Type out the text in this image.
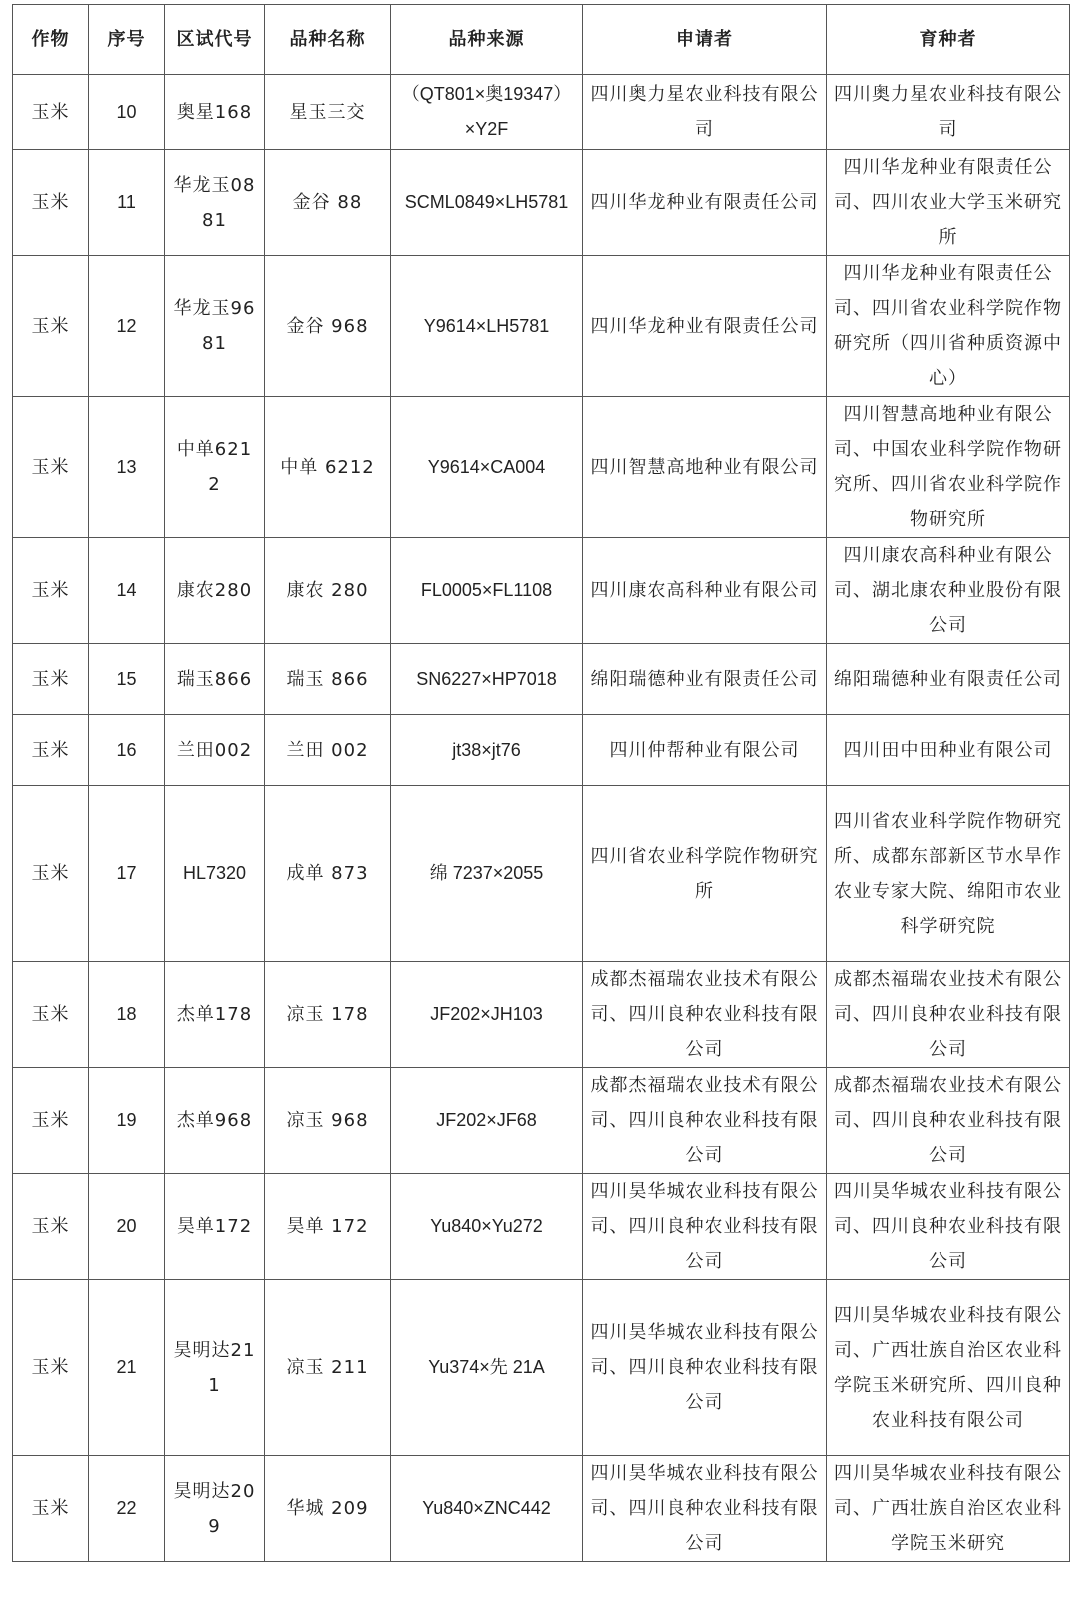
作物	序号	区试代号	品种名称	品种来源	申请者	育种者
玉米	10	奥星168	星玉三交	（QT801×奥19347）×Y2F	四川奥力星农业科技有限公司	四川奥力星农业科技有限公司
玉米	11	华龙玉0881	金谷 88	SCML0849×LH5781	四川华龙种业有限责任公司	四川华龙种业有限责任公司、四川农业大学玉米研究所
玉米	12	华龙玉9681	金谷 968	Y9614×LH5781	四川华龙种业有限责任公司	四川华龙种业有限责任公司、四川省农业科学院作物研究所（四川省种质资源中心）
玉米	13	中单6212	中单 6212	Y9614×CA004	四川智慧高地种业有限公司	四川智慧高地种业有限公司、中国农业科学院作物研究所、四川省农业科学院作物研究所
玉米	14	康农280	康农 280	FL0005×FL1108	四川康农高科种业有限公司	四川康农高科种业有限公司、湖北康农种业股份有限公司
玉米	15	瑞玉866	瑞玉 866	SN6227×HP7018	绵阳瑞德种业有限责任公司	绵阳瑞德种业有限责任公司
玉米	16	兰田002	兰田 002	jt38×jt76	四川仲帮种业有限公司	四川田中田种业有限公司
玉米	17	HL7320	成单 873	绵 7237×2055	四川省农业科学院作物研究所	四川省农业科学院作物研究所、成都东部新区节水旱作农业专家大院、绵阳市农业科学研究院
玉米	18	杰单178	凉玉 178	JF202×JH103	成都杰福瑞农业技术有限公司、四川良种农业科技有限公司	成都杰福瑞农业技术有限公司、四川良种农业科技有限公司
玉米	19	杰单968	凉玉 968	JF202×JF68	成都杰福瑞农业技术有限公司、四川良种农业科技有限公司	成都杰福瑞农业技术有限公司、四川良种农业科技有限公司
玉米	20	昊单172	昊单 172	Yu840×Yu272	四川昊华城农业科技有限公司、四川良种农业科技有限公司	四川昊华城农业科技有限公司、四川良种农业科技有限公司
玉米	21	昊明达211	凉玉 211	Yu374×先 21A	四川昊华城农业科技有限公司、四川良种农业科技有限公司	四川昊华城农业科技有限公司、广西壮族自治区农业科学院玉米研究所、四川良种农业科技有限公司
玉米	22	昊明达209	华城 209	Yu840×ZNC442	四川昊华城农业科技有限公司、四川良种农业科技有限公司	四川昊华城农业科技有限公司、广西壮族自治区农业科学院玉米研究
